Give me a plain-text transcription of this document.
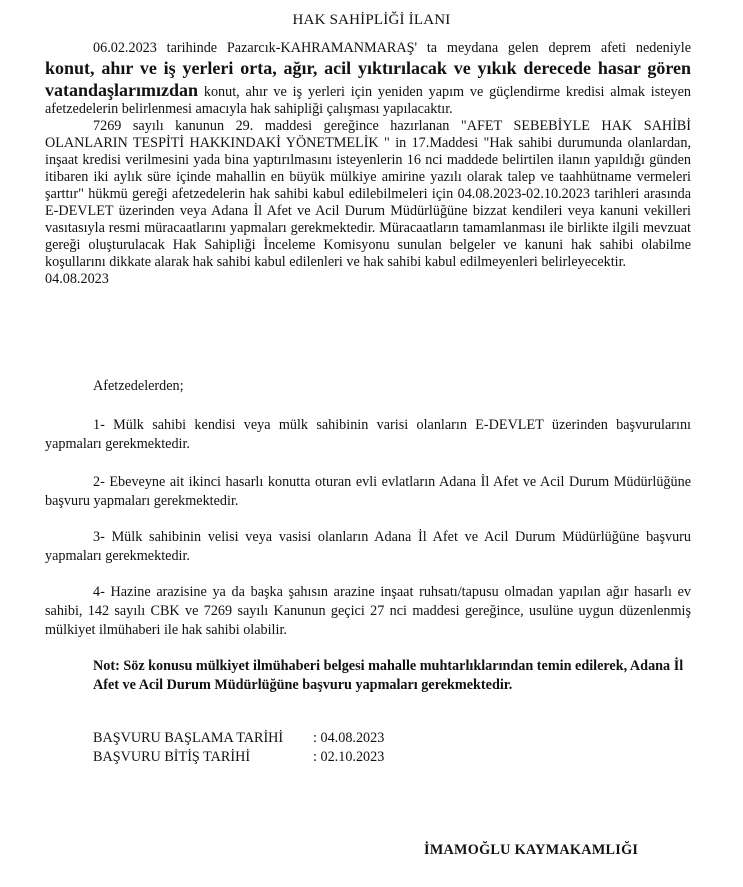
HAK SAHİPLİĞİ İLANI

06.02.2023 tarihinde Pazarcık-KAHRAMANMARAŞ' ta meydana gelen deprem afeti nedeniyle konut, ahır ve iş yerleri orta, ağır, acil yıktırılacak ve yıkık derecede hasar gören vatandaşlarımızdan konut, ahır ve iş yerleri için yeniden yapım ve güçlendirme kredisi almak isteyen afetzedelerin belirlenmesi amacıyla hak sahipliği çalışması yapılacaktır.

7269 sayılı kanunun 29. maddesi gereğince hazırlanan "AFET SEBEBİYLE HAK SAHİBİ OLANLARIN TESPİTİ HAKKINDAKİ YÖNETMELİK " in 17.Maddesi "Hak sahibi durumunda olanlardan, inşaat kredisi verilmesini yada bina yaptırılmasını isteyenlerin 16 nci maddede belirtilen ilanın yapıldığı günden itibaren iki aylık süre içinde mahallin en büyük mülkiye amirine yazılı olarak talep ve taahhütname vermeleri şarttır" hükmü gereği afetzedelerin hak sahibi kabul edilebilmeleri için 04.08.2023-02.10.2023 tarihleri arasında E-DEVLET üzerinden veya Adana İl Afet ve Acil Durum Müdürlüğüne bizzat kendileri veya kanuni vekilleri vasıtasıyla resmi müracaatlarını yapmaları gerekmektedir. Müracaatların tamamlanması ile birlikte ilgili mevzuat gereği oluşturulacak Hak Sahipliği İnceleme Komisyonu sunulan belgeler ve kanuni hak sahibi olabilme koşullarını dikkate alarak hak sahibi kabul edilenleri ve hak sahibi kabul edilmeyenleri belirleyecektir.

04.08.2023

Afetzedelerden;

1- Mülk sahibi kendisi veya mülk sahibinin varisi olanların E-DEVLET üzerinden başvurularını yapmaları gerekmektedir.

2- Ebeveyne ait ikinci hasarlı konutta oturan evli evlatların Adana İl Afet ve Acil Durum Müdürlüğüne başvuru yapmaları gerekmektedir.

3- Mülk sahibinin velisi veya vasisi olanların Adana İl Afet ve Acil Durum Müdürlüğüne başvuru yapmaları gerekmektedir.

4- Hazine arazisine ya da başka şahısın arazine inşaat ruhsatı/tapusu olmadan yapılan ağır hasarlı ev sahibi, 142 sayılı CBK ve 7269 sayılı Kanunun geçici 27 nci maddesi gereğince, usulüne uygun düzenlenmiş mülkiyet ilmühaberi ile hak sahibi olabilir.

Not: Söz konusu mülkiyet ilmühaberi belgesi mahalle muhtarlıklarından temin edilerek, Adana İl Afet ve Acil Durum Müdürlüğüne başvuru yapmaları gerekmektedir.

BAŞVURU BAŞLAMA TARİHİ	: 04.08.2023
BAŞVURU BİTİŞ TARİHİ	: 02.10.2023
İMAMOĞLU KAYMAKAMLIĞI
